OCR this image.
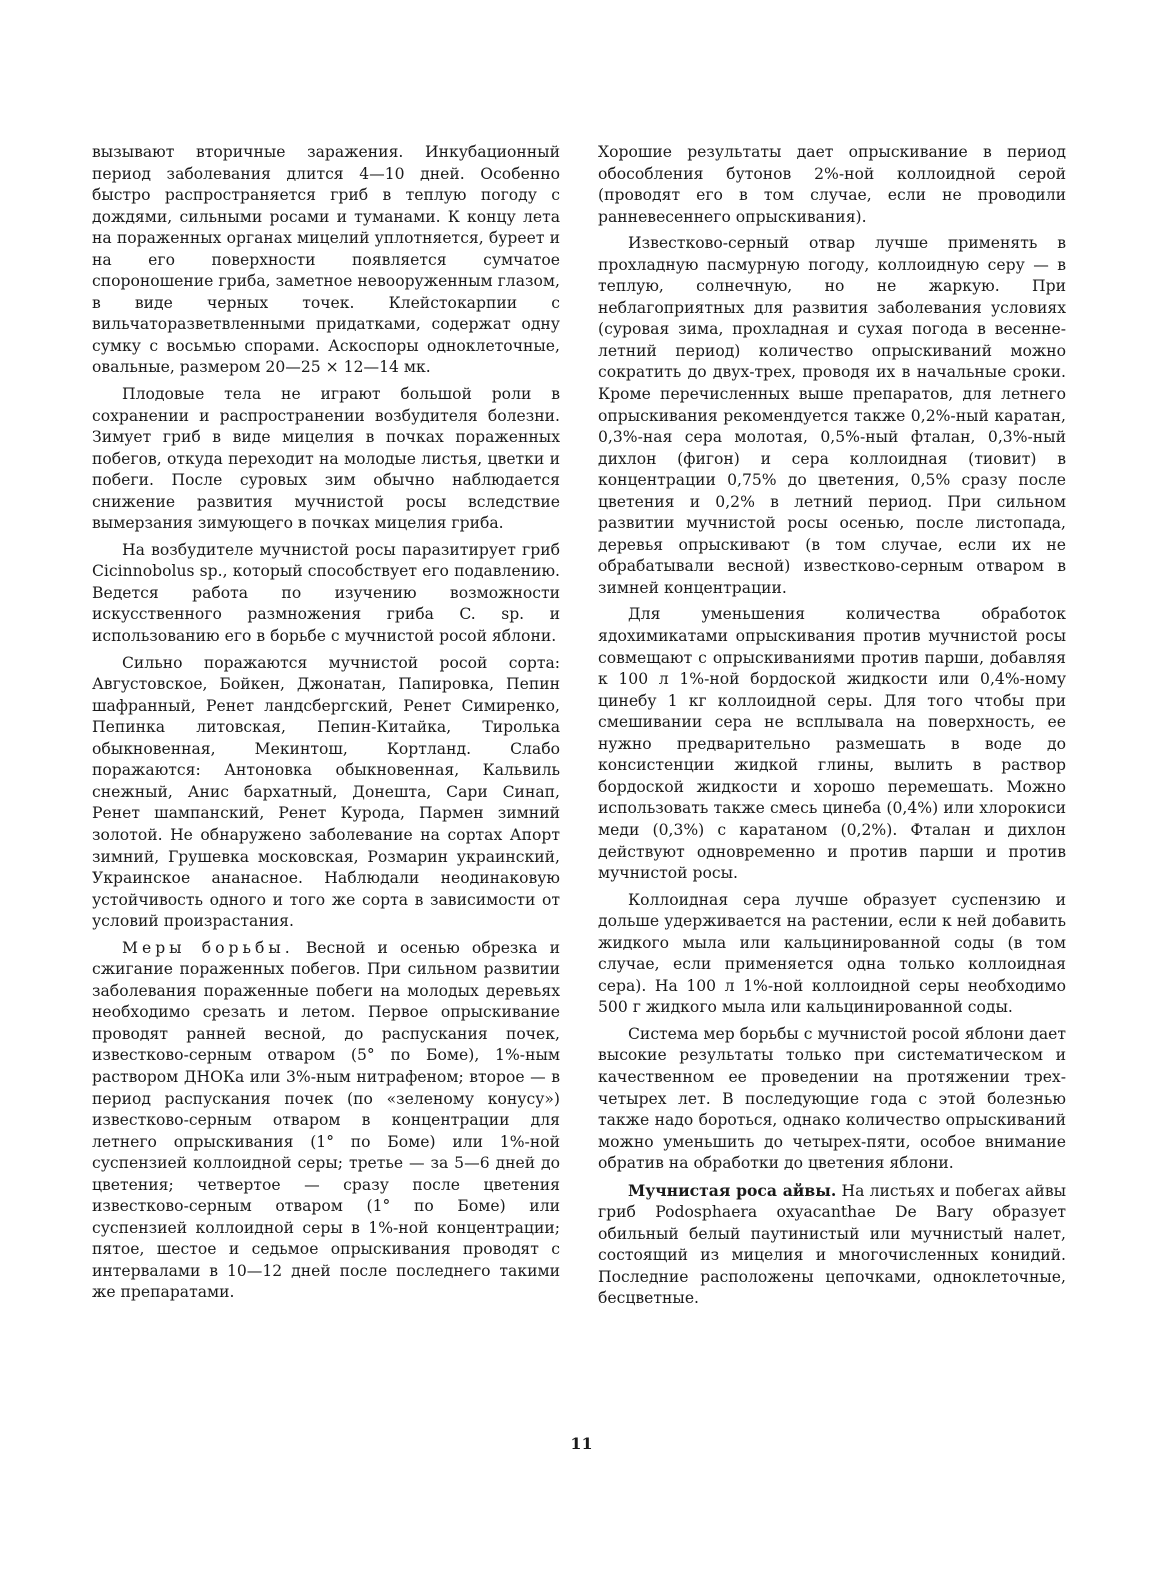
вызывают вторичные заражения. Инкубационный период заболевания длится 4—10 дней. Особенно быстро распространяется гриб в теплую погоду с дождями, сильными росами и туманами. К концу лета на пораженных органах мицелий уплотняется, буреет и на его поверхности появляется сумчатое спороношение гриба, заметное невооруженным глазом, в виде черных точек. Клейстокарпии с вильчаторазветвленными придатками, содержат одну сумку с восьмью спорами. Аскоспоры одноклеточные, овальные, размером 20—25 × 12—14 мк.

Плодовые тела не играют большой роли в сохранении и распространении возбудителя болезни. Зимует гриб в виде мицелия в почках пораженных побегов, откуда переходит на молодые листья, цветки и побеги. После суровых зим обычно наблюдается снижение развития мучнистой росы вследствие вымерзания зимующего в почках мицелия гриба.

На возбудителе мучнистой росы паразитирует гриб Cicinnobolus sp., который способствует его подавлению. Ведется работа по изучению возможности искусственного размножения гриба C. sp. и использованию его в борьбе с мучнистой росой яблони.

Сильно поражаются мучнистой росой сорта: Августовское, Бойкен, Джонатан, Папировка, Пепин шафранный, Ренет ландсбергский, Ренет Симиренко, Пепинка литовская, Пепин-Китайка, Тиролька обыкновенная, Мекинтош, Кортланд. Слабо поражаются: Антоновка обыкновенная, Кальвиль снежный, Анис бархатный, Донешта, Сари Синап, Ренет шампанский, Ренет Курода, Пармен зимний золотой. Не обнаружено заболевание на сортах Апорт зимний, Грушевка московская, Розмарин украинский, Украинское ананасное. Наблюдали неодинаковую устойчивость одного и того же сорта в зависимости от условий произрастания.

Меры борьбы. Весной и осенью обрезка и сжигание пораженных побегов. При сильном развитии заболевания пораженные побеги на молодых деревьях необходимо срезать и летом. Первое опрыскивание проводят ранней весной, до распускания почек, известково-серным отваром (5° по Боме), 1%-ным раствором ДНОКа или 3%-ным нитрафеном; второе — в период распускания почек (по «зеленому конусу») известково-серным отваром в концентрации для летнего опрыскивания (1° по Боме) или 1%-ной суспензией коллоидной серы; третье — за 5—6 дней до цветения; четвертое — сразу после цветения известково-серным отваром (1° по Боме) или суспензией коллоидной серы в 1%-ной концентрации; пятое, шестое и седьмое опрыскивания проводят с интервалами в 10—12 дней после последнего такими же препаратами.

Хорошие результаты дает опрыскивание в период обособления бутонов 2%-ной коллоидной серой (проводят его в том случае, если не проводили ранневесеннего опрыскивания).

Известково-серный отвар лучше применять в прохладную пасмурную погоду, коллоидную серу — в теплую, солнечную, но не жаркую. При неблагоприятных для развития заболевания условиях (суровая зима, прохладная и сухая погода в весенне-летний период) количество опрыскиваний можно сократить до двух-трех, проводя их в начальные сроки. Кроме перечисленных выше препаратов, для летнего опрыскивания рекомендуется также 0,2%-ный каратан, 0,3%-ная сера молотая, 0,5%-ный фталан, 0,3%-ный дихлон (фигон) и сера коллоидная (тиовит) в концентрации 0,75% до цветения, 0,5% сразу после цветения и 0,2% в летний период. При сильном развитии мучнистой росы осенью, после листопада, деревья опрыскивают (в том случае, если их не обрабатывали весной) известково-серным отваром в зимней концентрации.

Для уменьшения количества обработок ядохимикатами опрыскивания против мучнистой росы совмещают с опрыскиваниями против парши, добавляя к 100 л 1%-ной бордоской жидкости или 0,4%-ному цинебу 1 кг коллоидной серы. Для того чтобы при смешивании сера не всплывала на поверхность, ее нужно предварительно размешать в воде до консистенции жидкой глины, вылить в раствор бордоской жидкости и хорошо перемешать. Можно использовать также смесь цинеба (0,4%) или хлорокиси меди (0,3%) с каратаном (0,2%). Фталан и дихлон действуют одновременно и против парши и против мучнистой росы.

Коллоидная сера лучше образует суспензию и дольше удерживается на растении, если к ней добавить жидкого мыла или кальцинированной соды (в том случае, если применяется одна только коллоидная сера). На 100 л 1%-ной коллоидной серы необходимо 500 г жидкого мыла или кальцинированной соды.

Система мер борьбы с мучнистой росой яблони дает высокие результаты только при систематическом и качественном ее проведении на протяжении трех-четырех лет. В последующие года с этой болезнью также надо бороться, однако количество опрыскиваний можно уменьшить до четырех-пяти, особое внимание обратив на обработки до цветения яблони.

Мучнистая роса айвы. На листьях и побегах айвы гриб Podosphaera oxyacanthae De Bary образует обильный белый паутинистый или мучнистый налет, состоящий из мицелия и многочисленных конидий. Последние расположены цепочками, одноклеточные, бесцветные.

11
